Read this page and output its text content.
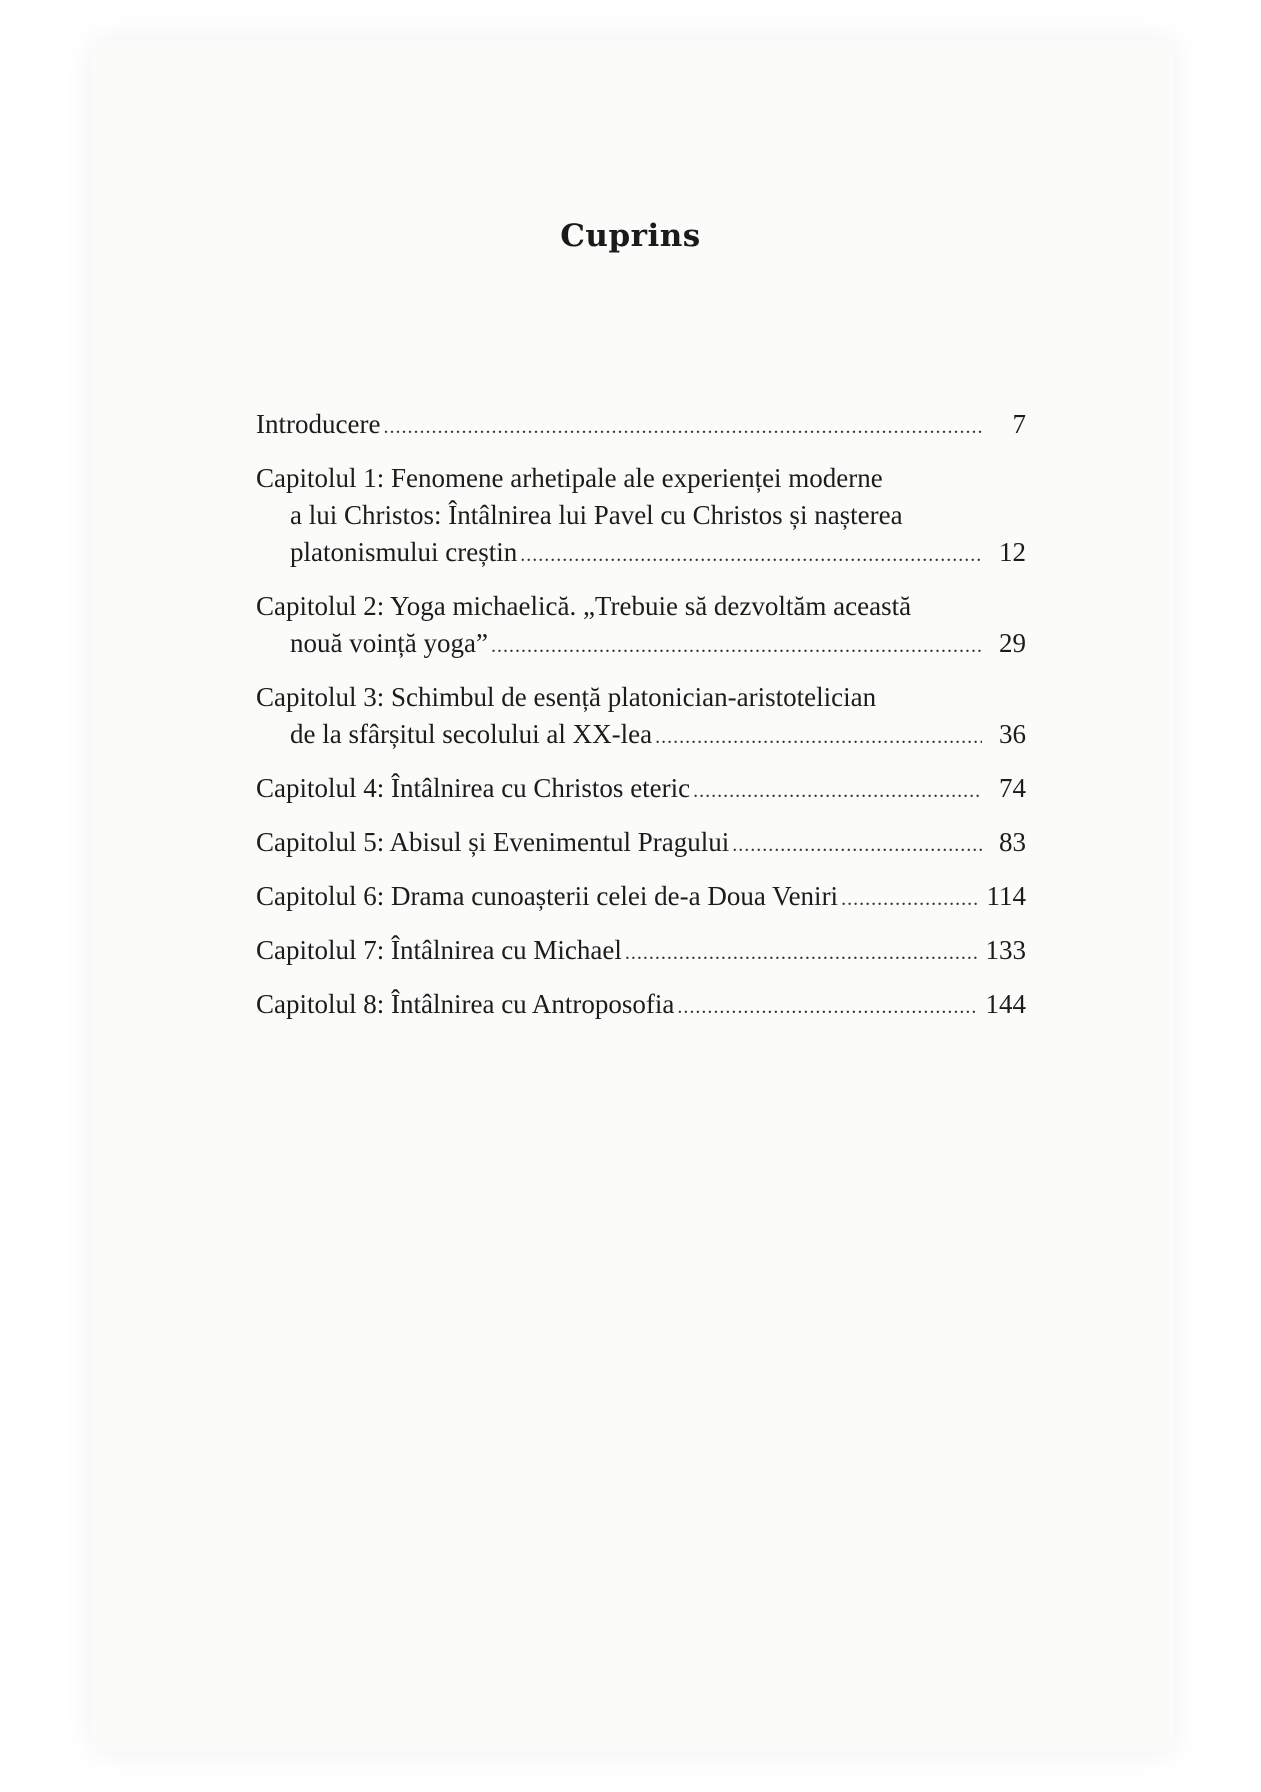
Cuprins
Introducere .....	7
Capitolul 1: Fenomene arhetipale ale experienței moderne
a lui Christos: Întâlnirea lui Pavel cu Christos și nașterea
platonismului creștin .....	12
Capitolul 2: Yoga michaelică. „Trebuie să dezvoltăm această
nouă voință yoga” .....	29
Capitolul 3: Schimbul de esență platonician-aristotelician
de la sfârșitul secolului al XX-lea .....	36
Capitolul 4: Întâlnirea cu Christos eteric .....	74
Capitolul 5: Abisul și Evenimentul Pragului .....	83
Capitolul 6: Drama cunoașterii celei de-a Doua Veniri .....	114
Capitolul 7: Întâlnirea cu Michael .....	133
Capitolul 8: Întâlnirea cu Antroposofia .....	144
